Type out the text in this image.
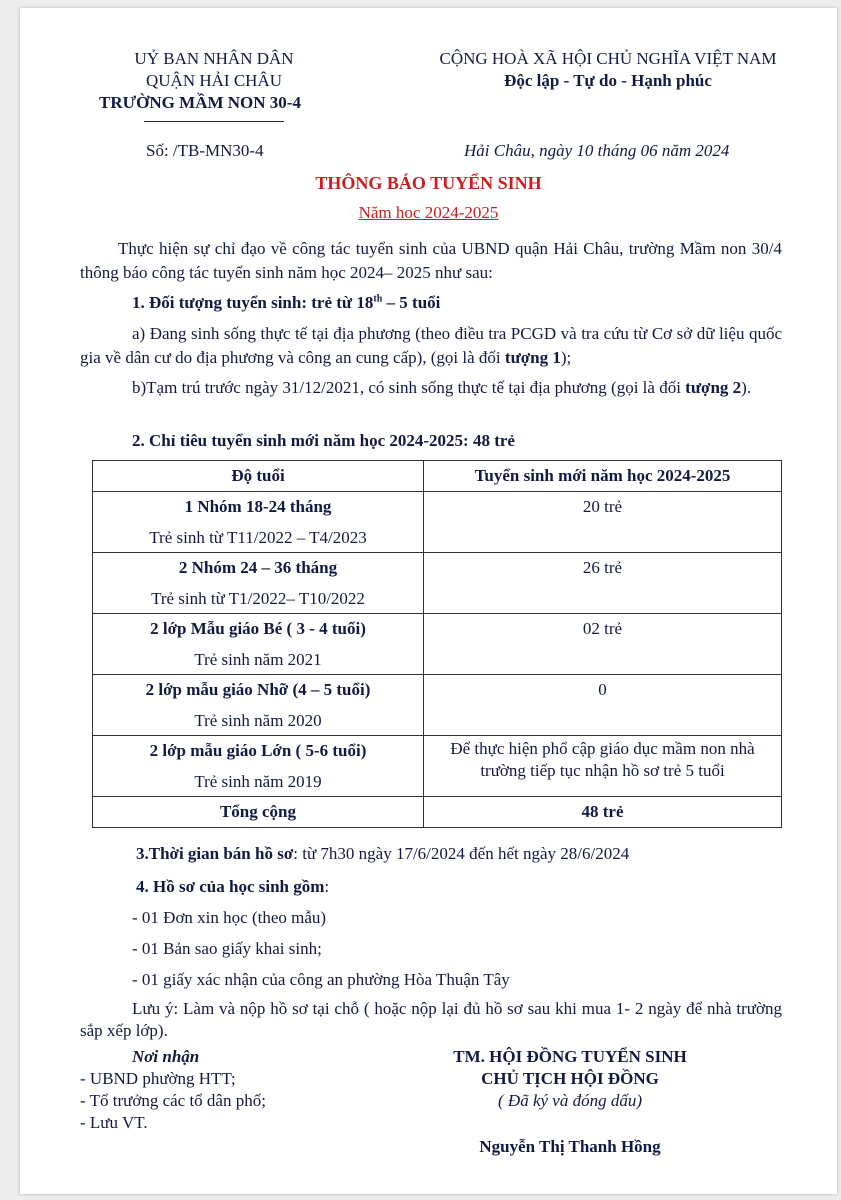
UỶ BAN NHÂN DÂN
QUẬN HẢI CHÂU
TRƯỜNG MẦM NON 30-4
CỘNG HOÀ XÃ HỘI CHỦ NGHĨA VIỆT NAM
Độc lập - Tự do - Hạnh phúc
Số: /TB-MN30-4	Hải Châu, ngày 10 tháng 06 năm 2024
THÔNG BÁO TUYỂN SINH
Năm hoc 2024-2025
Thực hiện sự chỉ đạo về công tác tuyển sinh của UBND quận Hải Châu, trường Mầm non 30/4 thông báo công tác tuyển sinh năm học 2024– 2025 như sau:
1. Đối tượng tuyển sinh: trẻ từ 18th – 5 tuổi
a) Đang sinh sống thực tế tại địa phương (theo điều tra PCGD và tra cứu từ Cơ sở dữ liệu quốc gia về dân cư do địa phương và công an cung cấp), (gọi là đối tượng 1);
b)Tạm trú trước ngày 31/12/2021, có sinh sống thực tế tại địa phương (gọi là đối tượng 2).
2. Chỉ tiêu tuyển sinh mới năm học 2024-2025: 48 trẻ
Độ tuổi	Tuyển sinh mới năm học 2024-2025

1 Nhóm 18-24 tháng
Trẻ sinh từ T11/2022 – T4/2023	20 trẻ

2 Nhóm 24 – 36 tháng
Trẻ sinh từ T1/2022– T10/2022	26 trẻ

2 lớp Mẫu giáo Bé ( 3 - 4 tuổi)
Trẻ sinh năm 2021	02 trẻ

2 lớp mẫu giáo Nhỡ (4 – 5 tuổi)
Trẻ sinh năm 2020	0

2 lớp mẫu giáo Lớn ( 5-6 tuổi)
Trẻ sinh năm 2019	Để thực hiện phổ cập giáo dục mầm non nhà trường tiếp tục nhận hồ sơ trẻ 5 tuổi

Tổng cộng	48 trẻ
3.Thời gian bán hồ sơ: từ 7h30 ngày 17/6/2024 đến hết ngày 28/6/2024
4. Hồ sơ của học sinh gồm:
- 01 Đơn xin học (theo mẫu)
- 01 Bản sao giấy khai sinh;
- 01 giấy xác nhận của công an phường Hòa Thuận Tây
Lưu ý: Làm và nộp hồ sơ tại chỗ ( hoặc nộp lại đủ hồ sơ sau khi mua 1- 2 ngày để nhà trường sắp xếp lớp).
Nơi nhận
- UBND phường HTT;
- Tổ trưởng các tổ dân phố;
- Lưu VT.
TM. HỘI ĐỒNG TUYỂN SINH
CHỦ TỊCH HỘI ĐỒNG
( Đã ký và đóng dấu)
Nguyễn Thị Thanh Hồng
